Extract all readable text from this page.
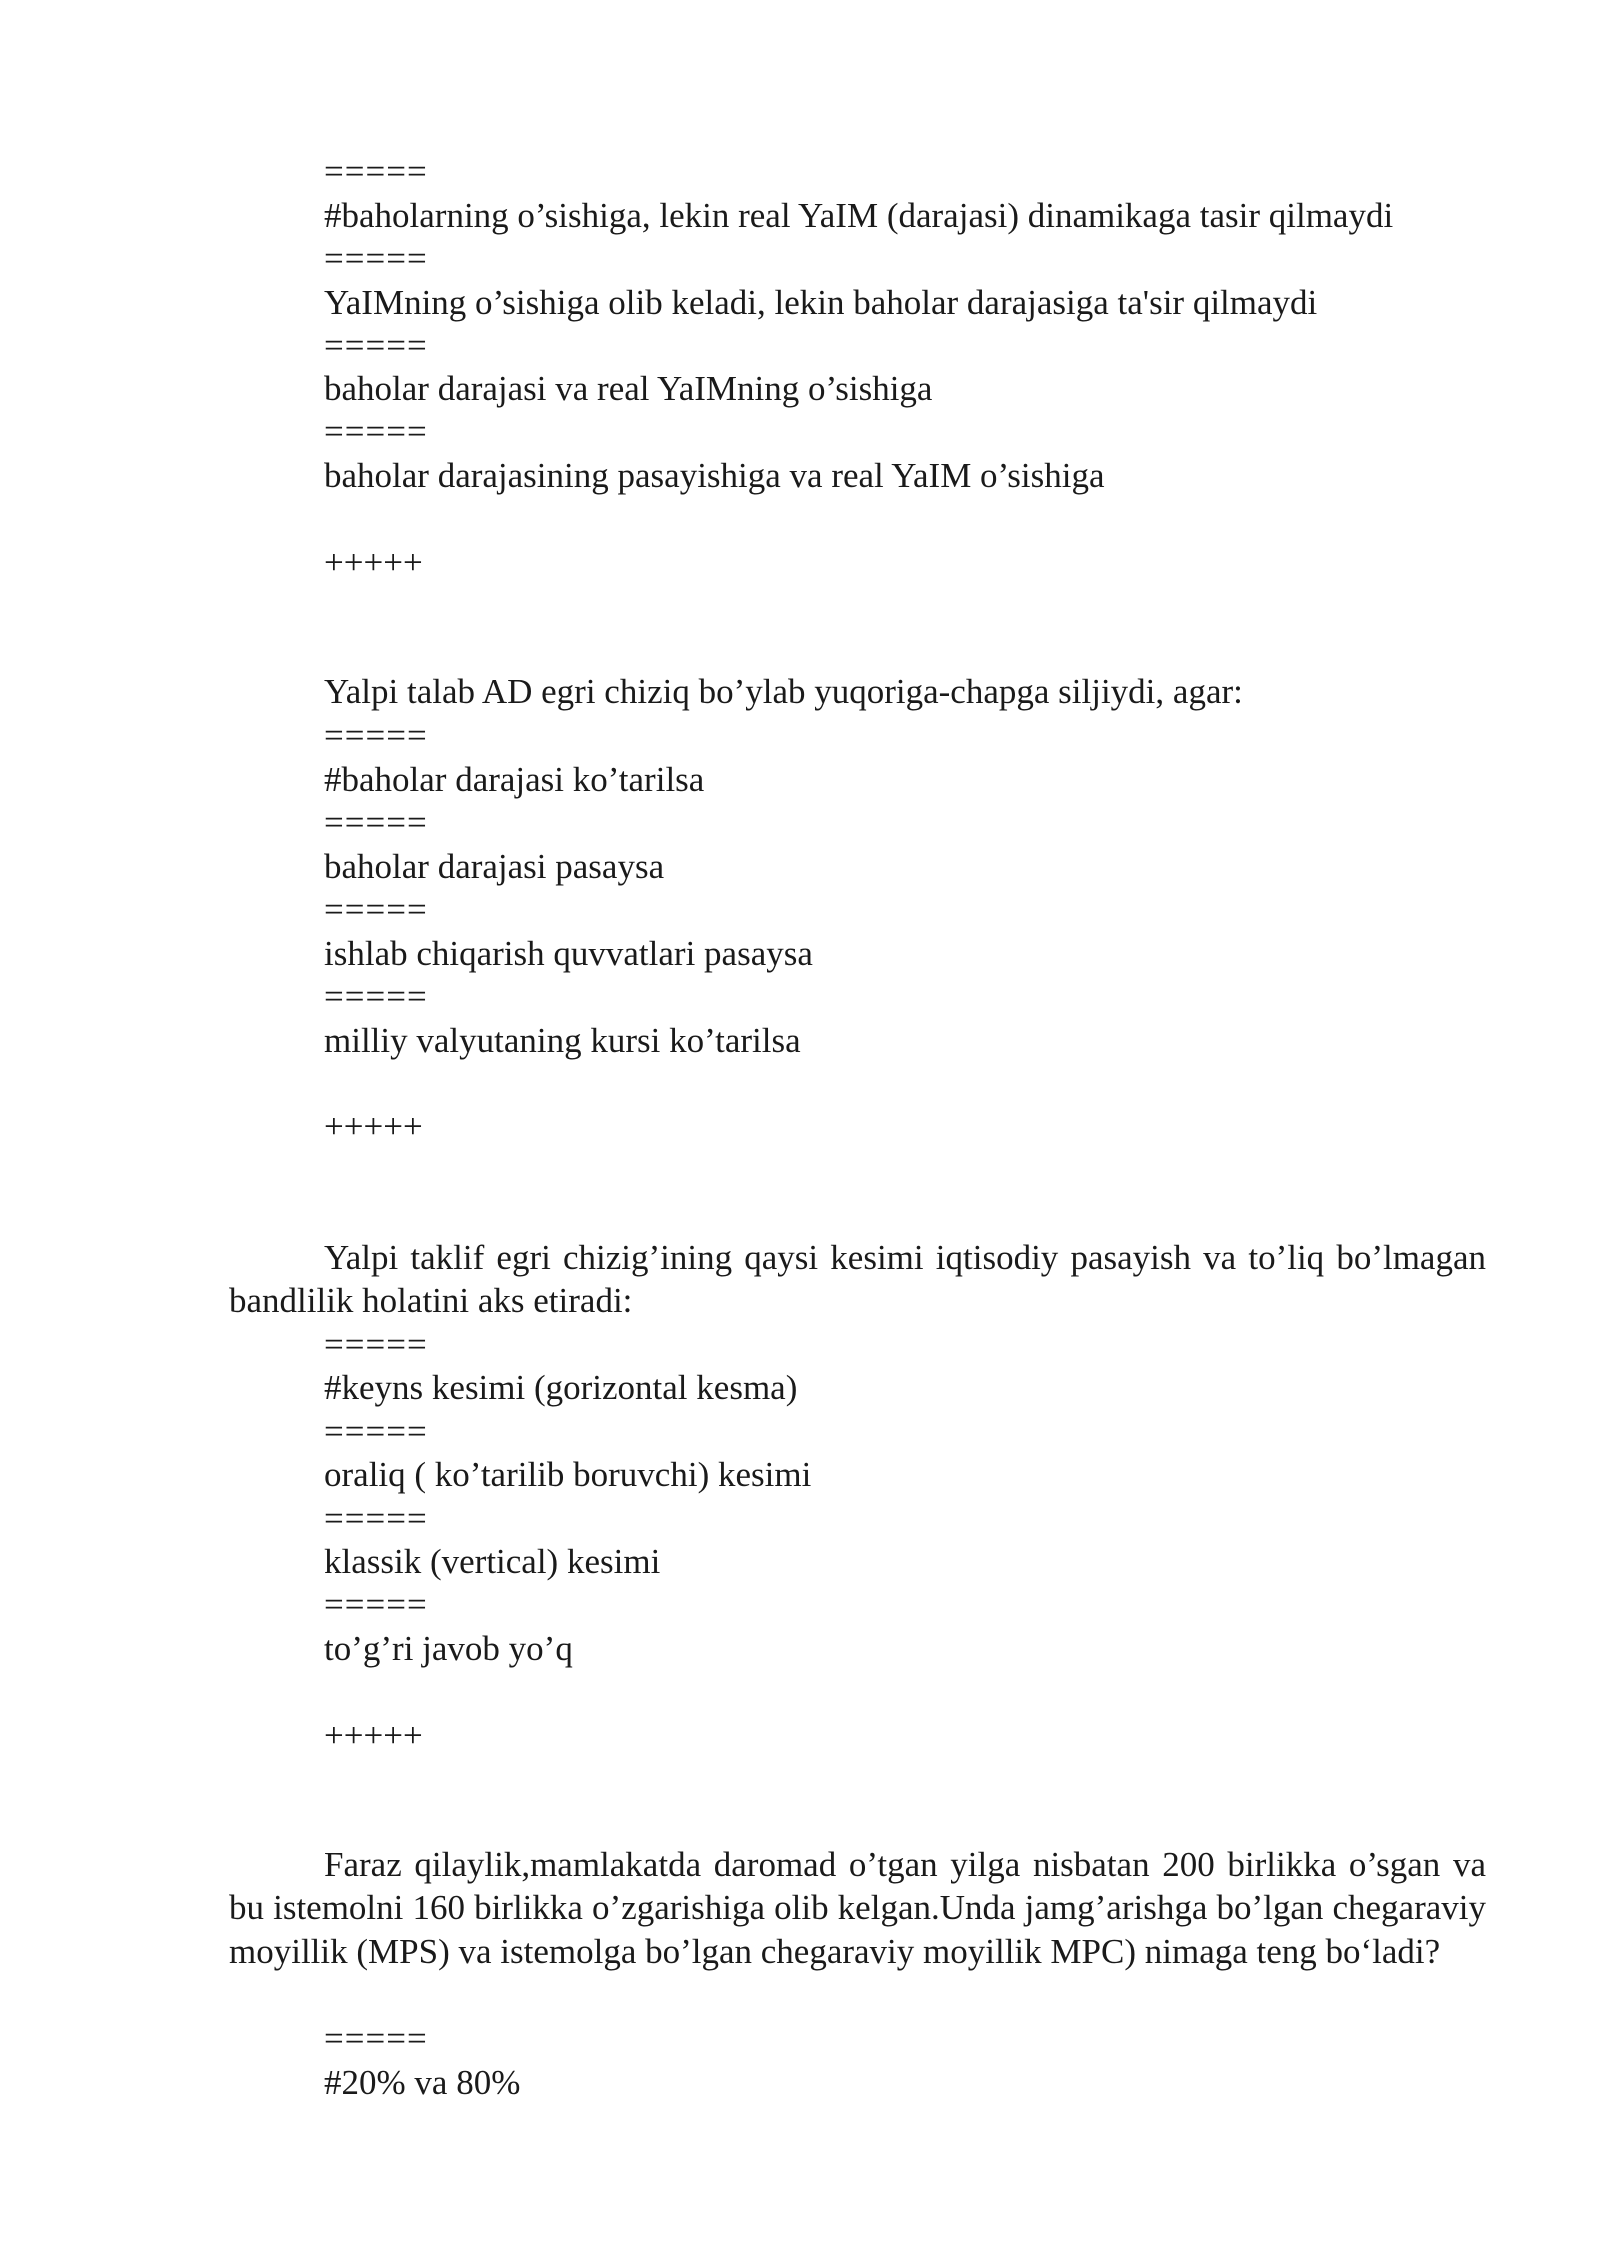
=====
#baholarning o’sishiga, lekin real YaIM (darajasi) dinamikaga tasir qilmaydi
=====
YaIMning o’sishiga olib keladi, lekin baholar darajasiga ta'sir qilmaydi
=====
baholar darajasi va real YaIMning o’sishiga
=====
baholar darajasining pasayishiga va real YaIM o’sishiga
+++++
Yalpi talab AD egri chiziq bo’ylab yuqoriga-chapga siljiydi, agar:
=====
#baholar darajasi ko’tarilsa
=====
baholar darajasi pasaysa
=====
ishlab chiqarish quvvatlari pasaysa
=====
milliy valyutaning kursi ko’tarilsa
+++++
Yalpi taklif egri chizig’ining qaysi kesimi iqtisodiy pasayish va to’liq bo’lmagan bandlilik holatini aks etiradi:
=====
#keyns kesimi (gorizontal kesma)
=====
oraliq ( ko’tarilib boruvchi) kesimi
=====
klassik (vertical) kesimi
=====
to’g’ri javob yo’q
+++++
Faraz qilaylik,mamlakatda daromad o’tgan yilga nisbatan 200 birlikka o’sgan va bu istemolni 160 birlikka o’zgarishiga olib kelgan.Unda jamg’arishga bo’lgan chegaraviy moyillik (MPS) va istemolga bo’lgan chegaraviy moyillik MPC) nimaga teng bo‘ladi?
=====
#20% va 80%
